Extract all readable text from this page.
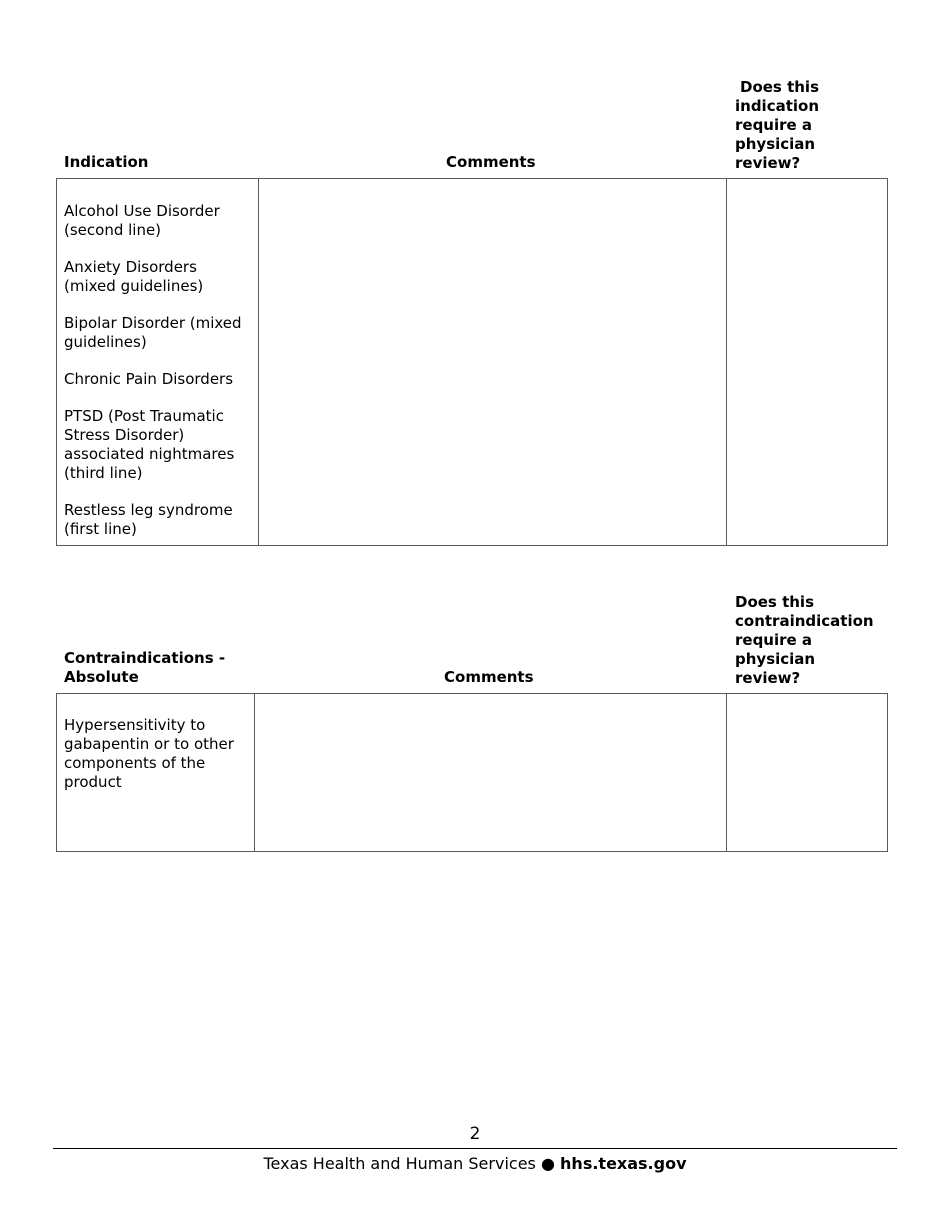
Indication	Comments
Does this
indication
require a
physician
review?
Alcohol Use Disorder
(second line)
Anxiety Disorders
(mixed guidelines)
Bipolar Disorder (mixed
guidelines)
Chronic Pain Disorders
PTSD (Post Traumatic
Stress Disorder)
associated nightmares
(third line)
Restless leg syndrome
(first line)
Contraindications -
Absolute	Comments
Does this
contraindication
require a
physician
review?
Hypersensitivity to
gabapentin or to other
components of the
product
2
Texas Health and Human Services ● hhs.texas.gov
